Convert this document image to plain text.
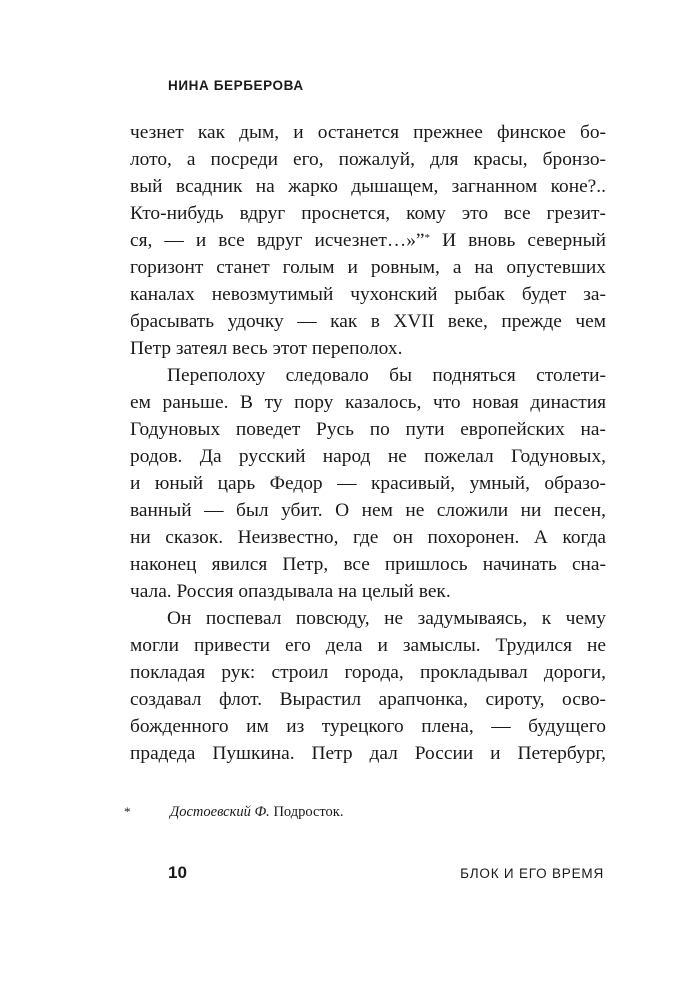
НИНА БЕРБЕРОВА
чезнет как дым, и останется прежнее финское бо-
лото, а посреди его, пожалуй, для красы, бронзо-
вый всадник на жарко дышащем, загнанном коне?..
Кто-нибудь вдруг проснется, кому это все грезит-
ся, — и все вдруг исчезнет…»”* И вновь северный
горизонт станет голым и ровным, а на опустевших
каналах невозмутимый чухонский рыбак будет за-
брасывать удочку — как в XVII веке, прежде чем
Петр затеял весь этот переполох.
Переполоху следовало бы подняться столети-
ем раньше. В ту пору казалось, что новая династия
Годуновых поведет Русь по пути европейских на-
родов. Да русский народ не пожелал Годуновых,
и юный царь Федор — красивый, умный, образо-
ванный — был убит. О нем не сложили ни песен,
ни сказок. Неизвестно, где он похоронен. А когда
наконец явился Петр, все пришлось начинать сна-
чала. Россия опаздывала на целый век.
Он поспевал повсюду, не задумываясь, к чему
могли привести его дела и замыслы. Трудился не
покладая рук: строил города, прокладывал дороги,
создавал флот. Вырастил арапчонка, сироту, осво-
божденного им из турецкого плена, — будущего
прадеда Пушкина. Петр дал России и Петербург,
*	Достоевский Ф. Подросток.
10	БЛОК И ЕГО ВРЕМЯ
